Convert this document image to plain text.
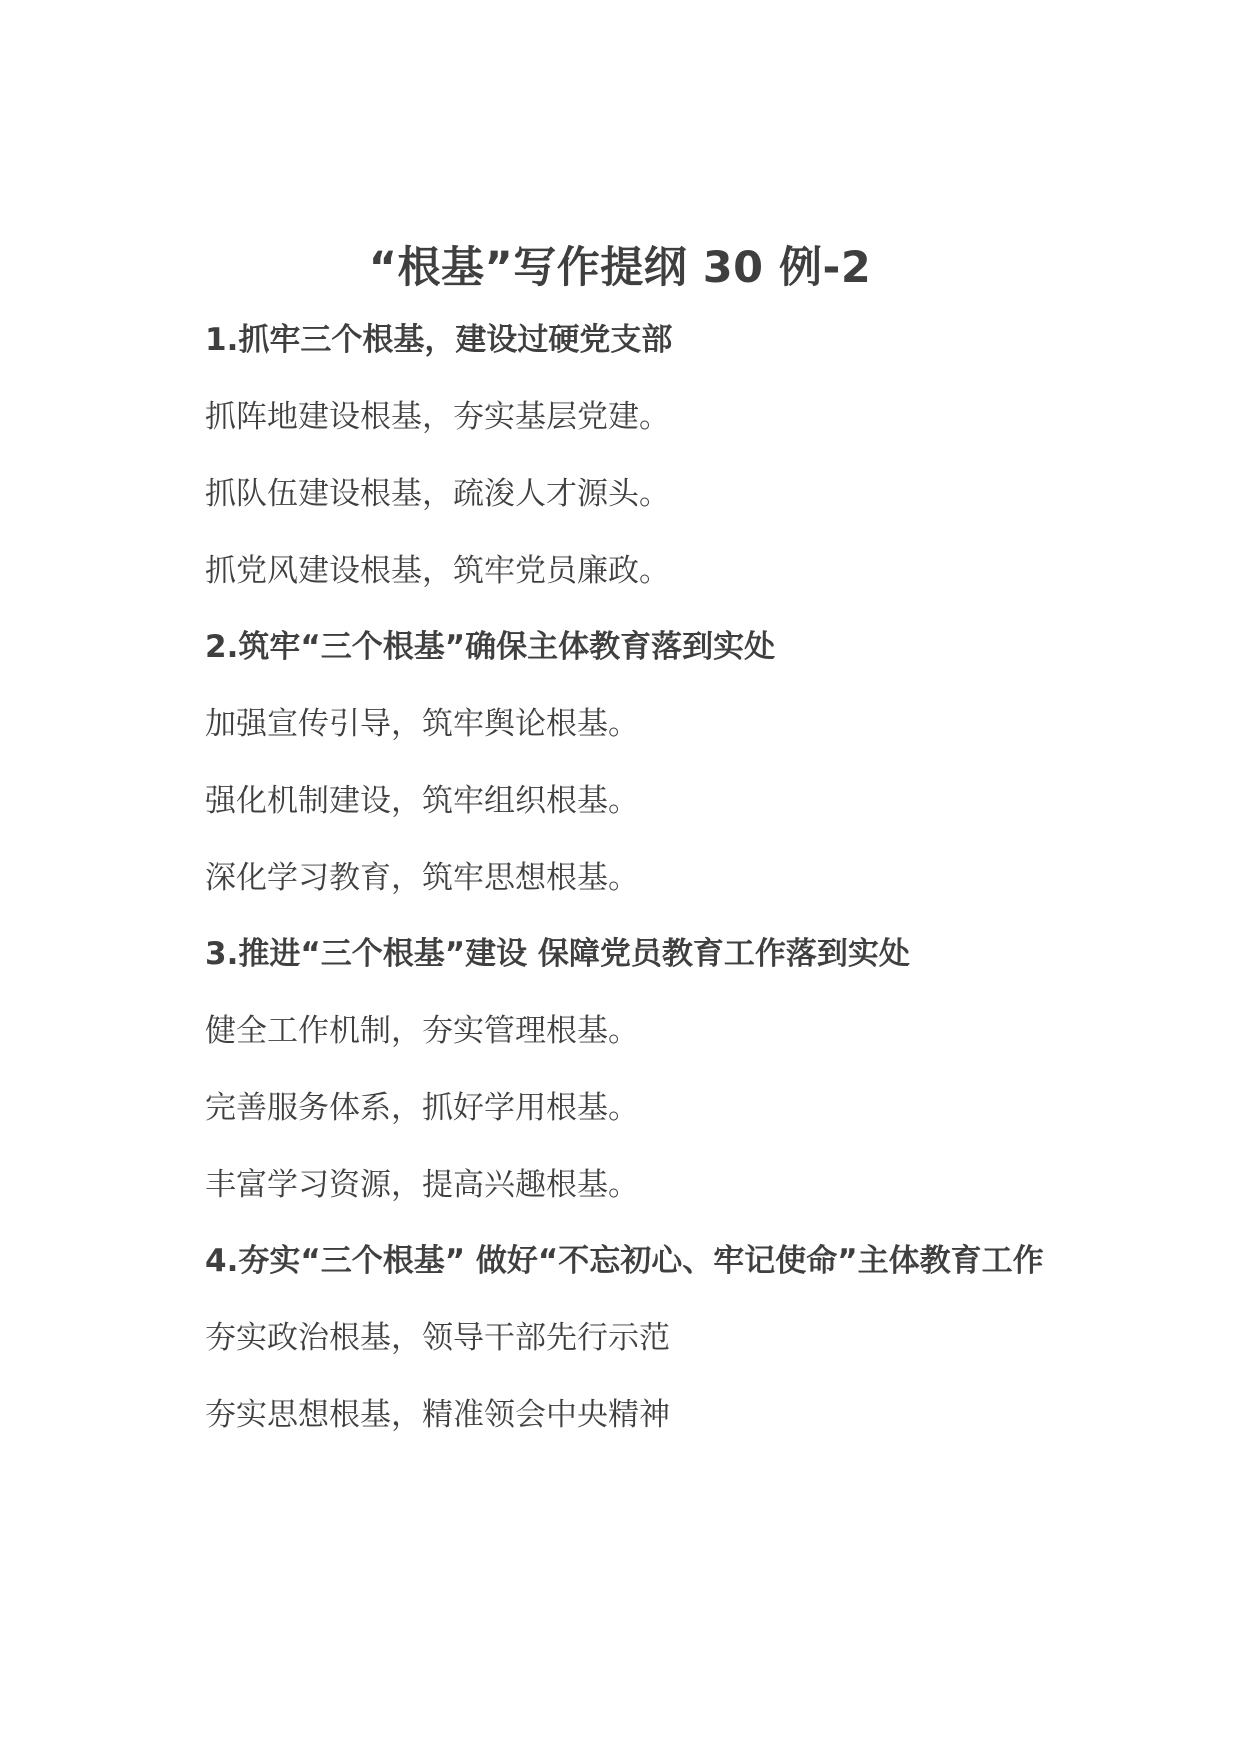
“根基”写作提纲 30 例-2

1.抓牢三个根基，建设过硬党支部

抓阵地建设根基，夯实基层党建。

抓队伍建设根基，疏浚人才源头。

抓党风建设根基，筑牢党员廉政。

2.筑牢“三个根基”确保主体教育落到实处

加强宣传引导，筑牢舆论根基。

强化机制建设，筑牢组织根基。

深化学习教育，筑牢思想根基。

3.推进“三个根基”建设 保障党员教育工作落到实处

健全工作机制，夯实管理根基。

完善服务体系，抓好学用根基。

丰富学习资源，提高兴趣根基。

4.夯实“三个根基” 做好“不忘初心、牢记使命”主体教育工作

夯实政治根基，领导干部先行示范

夯实思想根基，精准领会中央精神
